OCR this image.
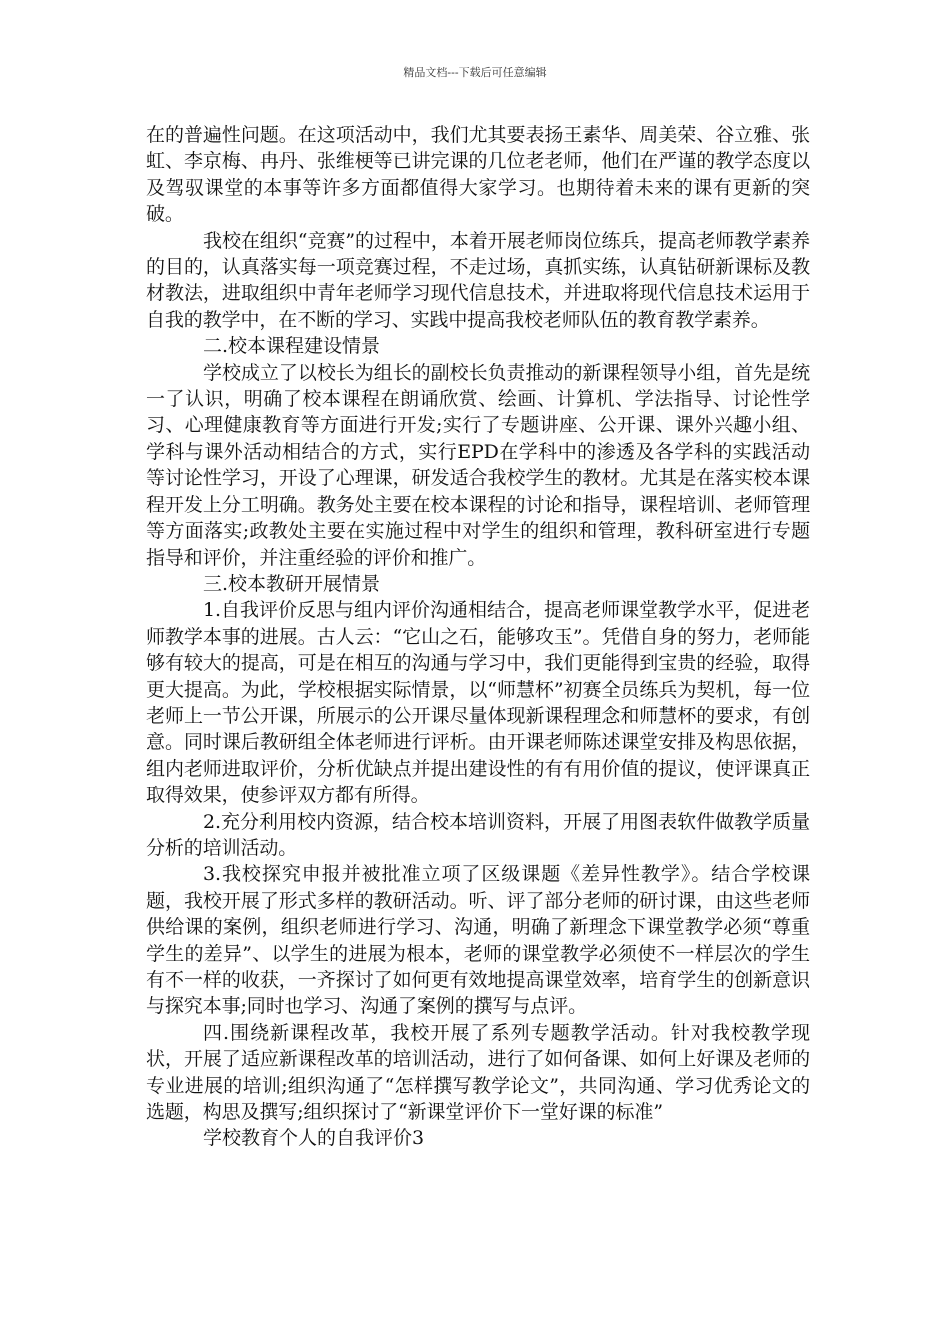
精品文档---下载后可任意编辑

在的普遍性问题。在这项活动中，我们尤其要表扬王素华、周美荣、谷立雅、张虹、李京梅、冉丹、张维梗等已讲完课的几位老老师，他们在严谨的教学态度以及驾驭课堂的本事等许多方面都值得大家学习。也期待着未来的课有更新的突破。

我校在组织“竞赛”的过程中，本着开展老师岗位练兵，提高老师教学素养的目的，认真落实每一项竞赛过程，不走过场，真抓实练，认真钻研新课标及教材教法，进取组织中青年老师学习现代信息技术，并进取将现代信息技术运用于自我的教学中，在不断的学习、实践中提高我校老师队伍的教育教学素养。

二.校本课程建设情景

学校成立了以校长为组长的副校长负责推动的新课程领导小组，首先是统一了认识，明确了校本课程在朗诵欣赏、绘画、计算机、学法指导、讨论性学习、心理健康教育等方面进行开发;实行了专题讲座、公开课、课外兴趣小组、学科与课外活动相结合的方式，实行EPD在学科中的渗透及各学科的实践活动等讨论性学习，开设了心理课，研发适合我校学生的教材。尤其是在落实校本课程开发上分工明确。教务处主要在校本课程的讨论和指导，课程培训、老师管理等方面落实;政教处主要在实施过程中对学生的组织和管理，教科研室进行专题指导和评价，并注重经验的评价和推广。

三.校本教研开展情景

1.自我评价反思与组内评价沟通相结合，提高老师课堂教学水平，促进老师教学本事的进展。古人云：“它山之石，能够攻玉”。凭借自身的努力，老师能够有较大的提高，可是在相互的沟通与学习中，我们更能得到宝贵的经验，取得更大提高。为此，学校根据实际情景，以“师慧杯”初赛全员练兵为契机，每一位老师上一节公开课，所展示的公开课尽量体现新课程理念和师慧杯的要求，有创意。同时课后教研组全体老师进行评析。由开课老师陈述课堂安排及构思依据，组内老师进取评价，分析优缺点并提出建设性的有有用价值的提议，使评课真正取得效果，使参评双方都有所得。

2.充分利用校内资源，结合校本培训资料，开展了用图表软件做教学质量分析的培训活动。

3.我校探究申报并被批准立项了区级课题《差异性教学》。结合学校课题，我校开展了形式多样的教研活动。听、评了部分老师的研讨课，由这些老师供给课的案例，组织老师进行学习、沟通，明确了新理念下课堂教学必须“尊重学生的差异”、以学生的进展为根本，老师的课堂教学必须使不一样层次的学生有不一样的收获，一齐探讨了如何更有效地提高课堂效率，培育学生的创新意识与探究本事;同时也学习、沟通了案例的撰写与点评。

四.围绕新课程改革，我校开展了系列专题教学活动。针对我校教学现状，开展了适应新课程改革的培训活动，进行了如何备课、如何上好课及老师的专业进展的培训;组织沟通了“怎样撰写教学论文”，共同沟通、学习优秀论文的选题，构思及撰写;组织探讨了“新课堂评价下一堂好课的标准”

学校教育个人的自我评价3
